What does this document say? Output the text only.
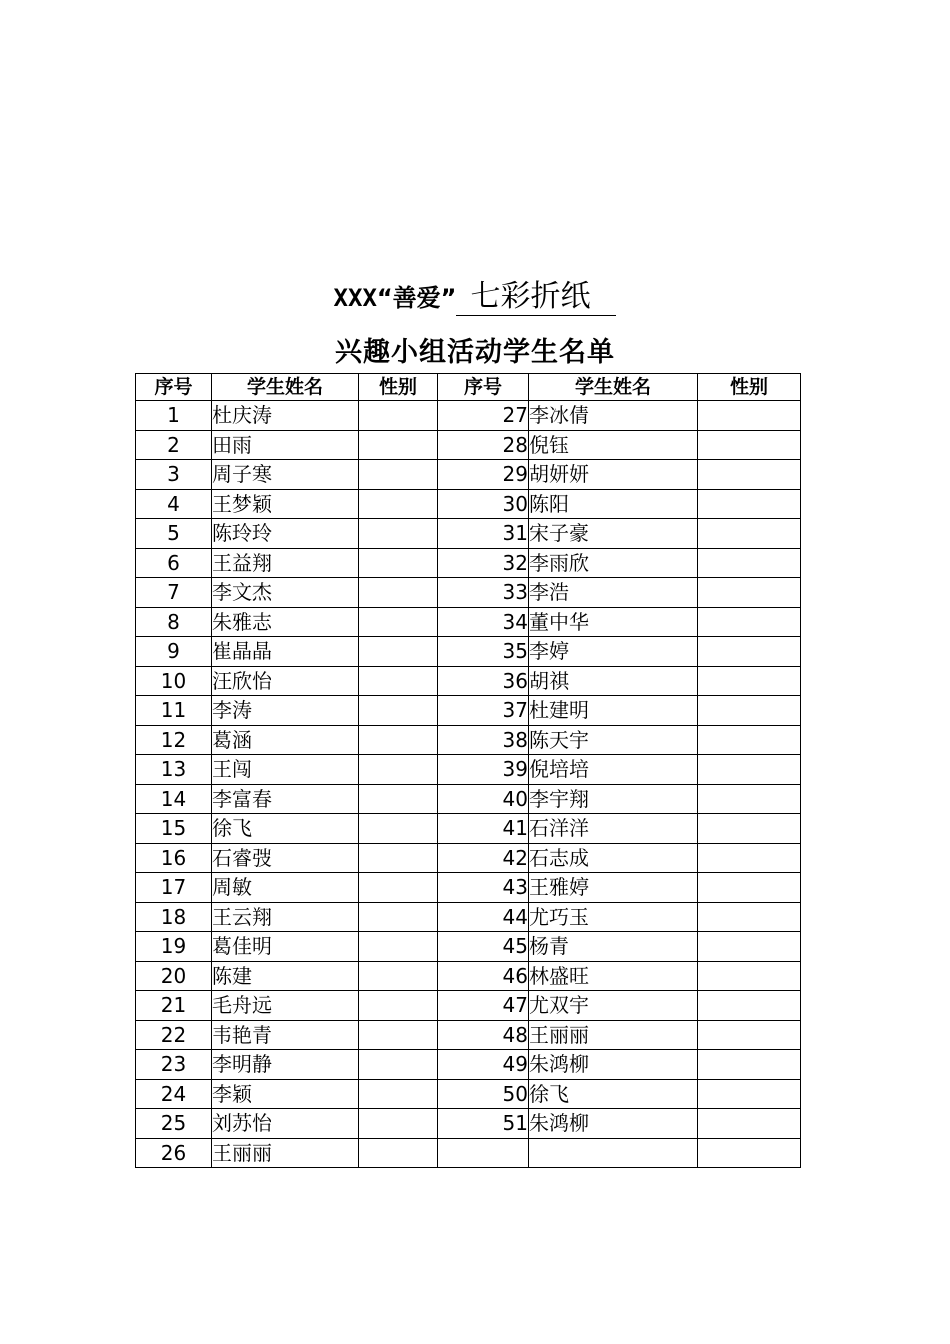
XXX“善爱” 七彩折纸
兴趣小组活动学生名单
序号	学生姓名	性别	序号	学生姓名	性别
1	杜庆涛		27	李冰倩	
2	田雨		28	倪钰	
3	周子寒		29	胡妍妍	
4	王梦颖		30	陈阳	
5	陈玲玲		31	宋子豪	
6	王益翔		32	李雨欣	
7	李文杰		33	李浩	
8	朱雅志		34	董中华	
9	崔晶晶		35	李婷	
10	汪欣怡		36	胡祺	
11	李涛		37	杜建明	
12	葛涵		38	陈天宇	
13	王闯		39	倪培培	
14	李富春		40	李宇翔	
15	徐飞		41	石洋洋	
16	石睿弢		42	石志成	
17	周敏		43	王雅婷	
18	王云翔		44	尤巧玉	
19	葛佳明		45	杨青	
20	陈建		46	林盛旺	
21	毛舟远		47	尤双宇	
22	韦艳青		48	王丽丽	
23	李明静		49	朱鸿柳	
24	李颖		50	徐飞	
25	刘苏怡		51	朱鸿柳	
26	王丽丽				
